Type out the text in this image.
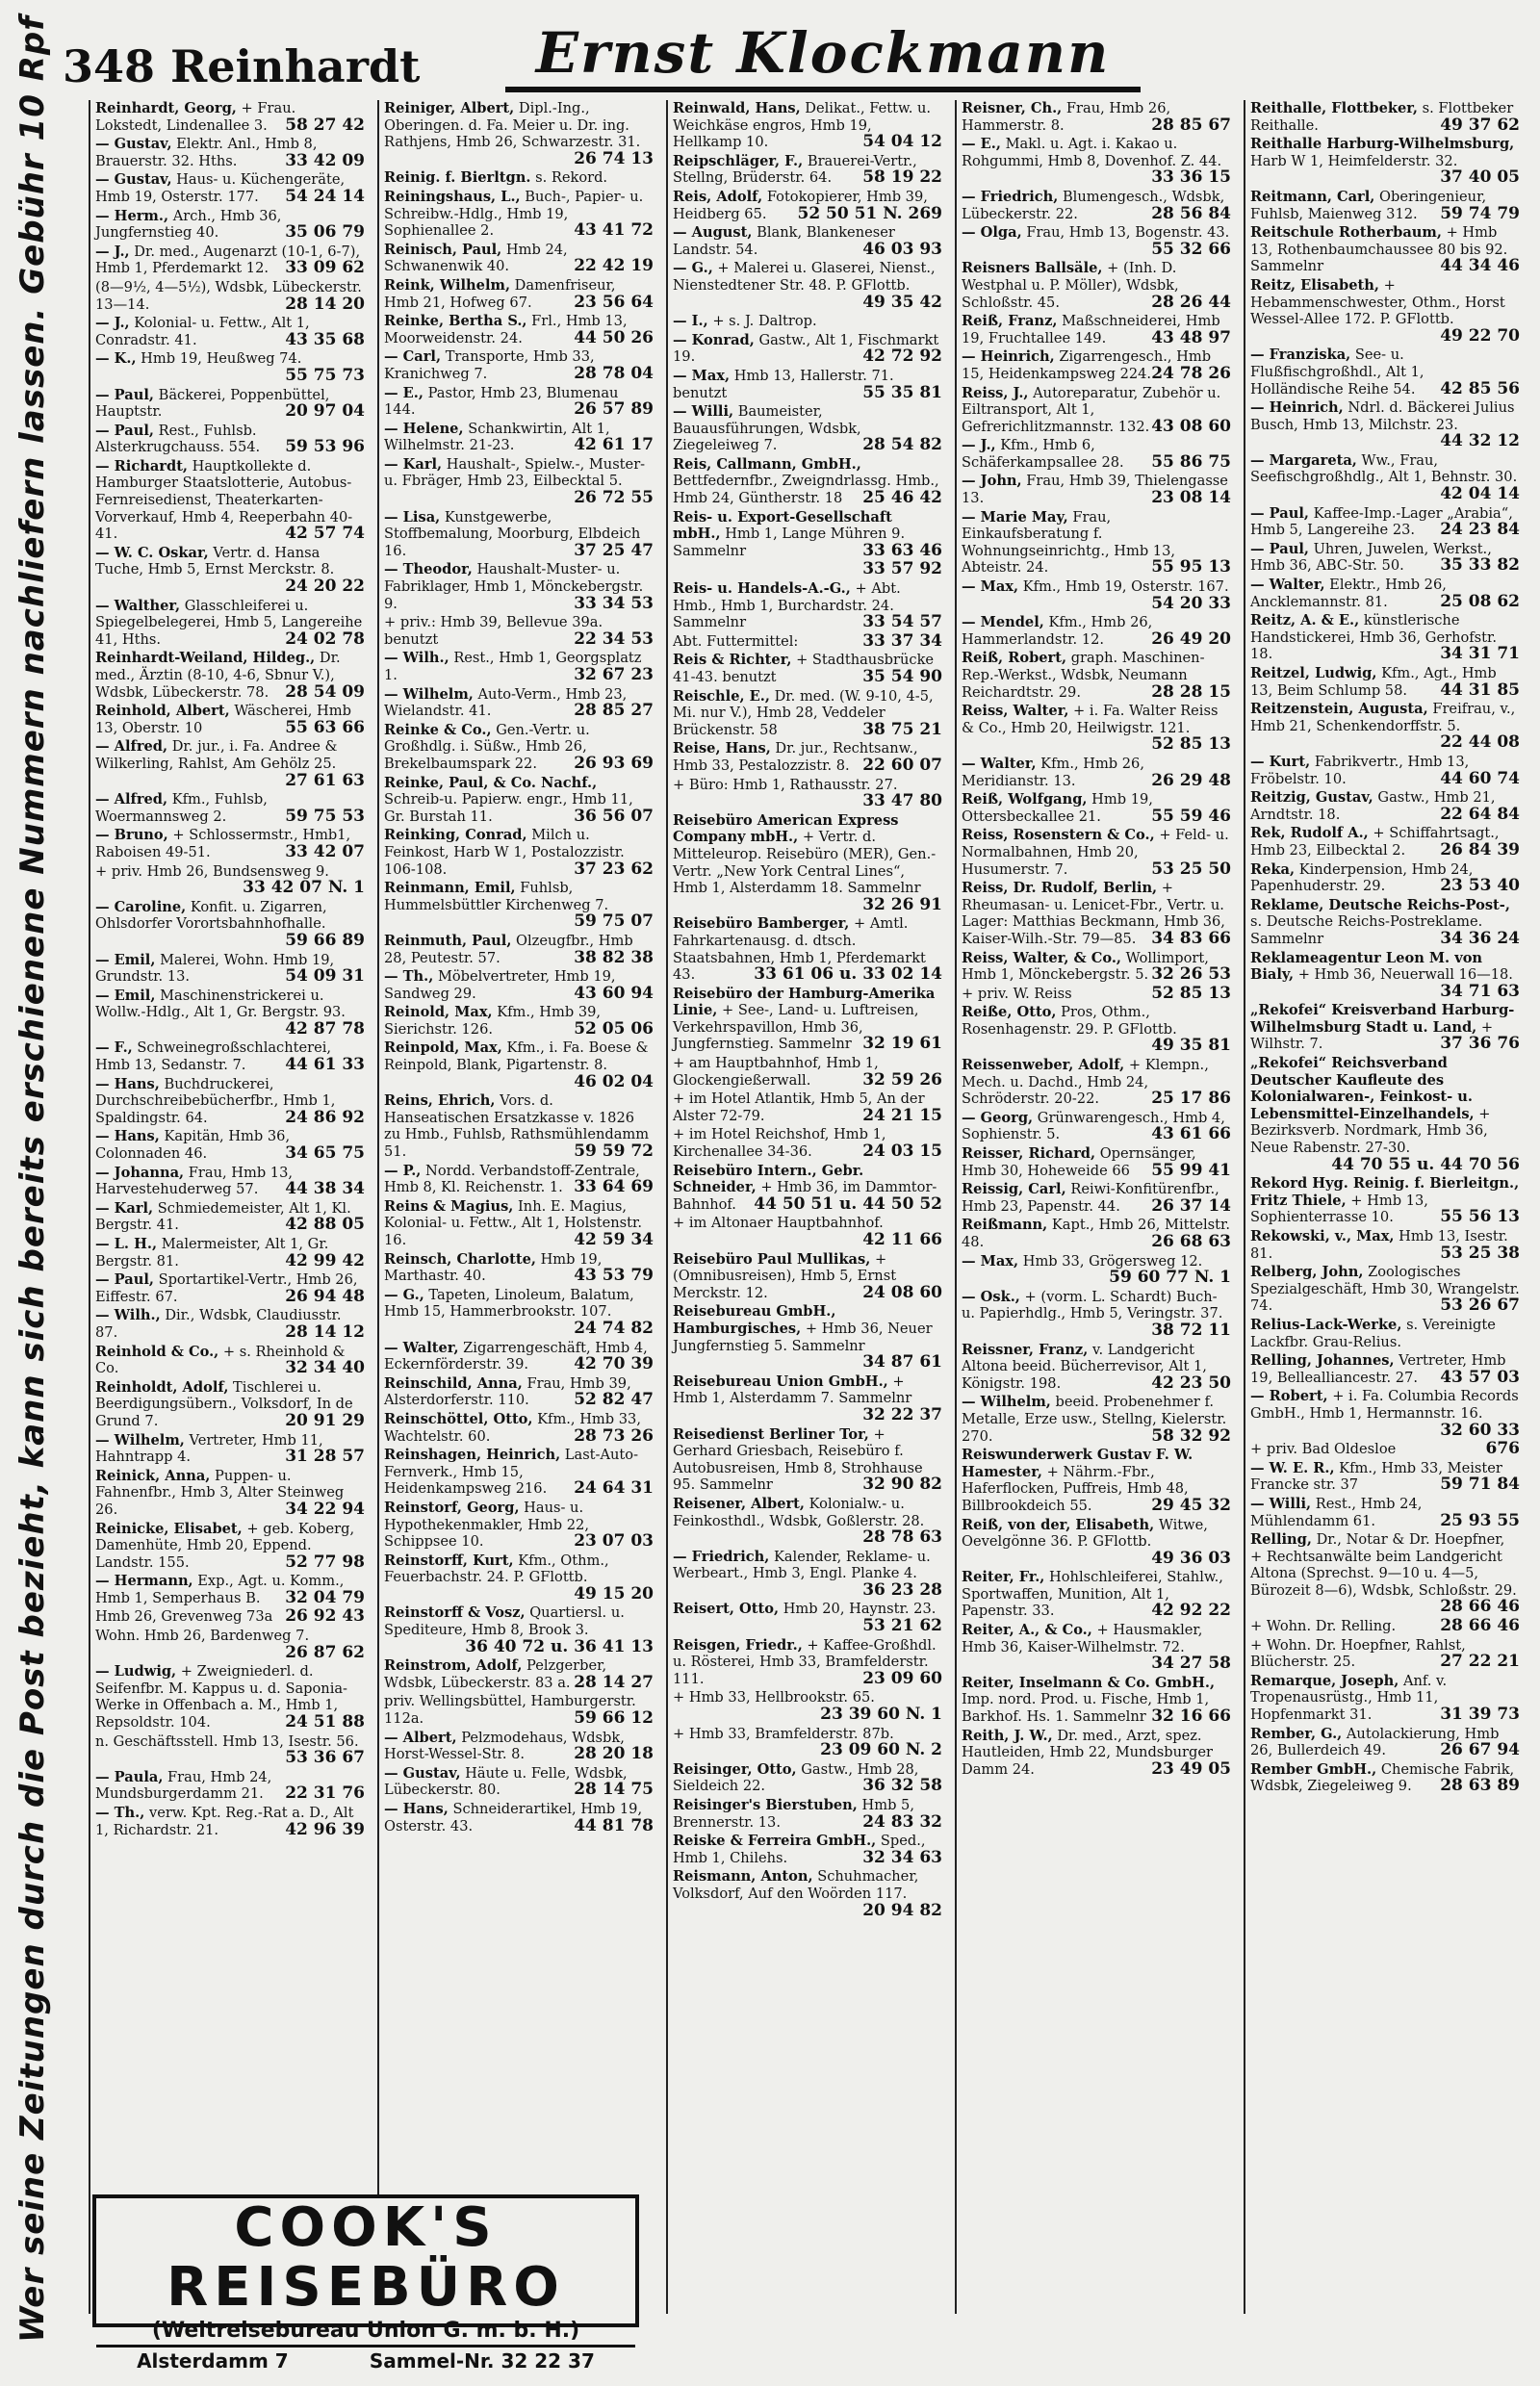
348 Reinhardt	Ernst Klockmann
Wer seine Zeitungen durch die Post bezieht, kann sich bereits erschienene Nummern nachliefern lassen. Gebühr 10 Rpf	Reinhardt, Georg, + Frau. Lokstedt, Lindenallee 3. 58 27 42
— Gustav, Elektr. Anl., Hmb 8, Brauerstr. 32. Hths.	33 42 09
— Gustav, Haus- u. Küchengeräte, Hmb 19, Osterstr. 177. 54 24 14
— Herm., Arch., Hmb 36, Jungfernstieg 40.	35 06 79
— J., Dr. med., Augenarzt (10-1, 6-7), Hmb 1, Pferdemarkt 12. 33 09 62
(8—9½, 4—5½), Wdsbk, Lübeckerstr. 13—14.	28 14 20
— J., Kolonial- u. Fettw., Alt 1, Conradstr. 41.	43 35 68
— K., Hmb 19, Heußweg 74.
55 75 73
— Paul, Bäckerei, Poppenbüttel, Hauptstr.	20 97 04
— Paul, Rest., Fuhlsb. Alsterkrugchauss. 554. 59 53 96
— Richardt, Hauptkollekte d. Hamburger Staatslotterie, Autobus-Fernreisedienst, Theaterkarten-Vorverkauf, Hmb 4, Reeperbahn 40-41.	42 57 74
— W. C. Oskar, Vertr. d. Hansa Tuche, Hmb 5, Ernst Merckstr. 8.
24 20 22
— Walther, Glasschleiferei u. Spiegelbelegerei, Hmb 5, Langereihe 41, Hths.	24 02 78
Reinhardt-Weiland, Hildeg., Dr. med., Ärztin (8-10, 4-6, Sbnur V.), Wdsbk, Lübeckerstr. 78. 28 54 09
Reinhold, Albert, Wäscherei, Hmb 13, Oberstr. 10	55 63 66
— Alfred, Dr. jur., i. Fa. Andree & Wilkerling, Rahlst, Am Gehölz 25.
27 61 63
— Alfred, Kfm., Fuhlsb, Woermannsweg 2.	59 75 53
— Bruno, + Schlossermstr., Hmb1, Raboisen 49-51.	33 42 07
+ priv. Hmb 26, Bundsensweg 9.
33 42 07 N. 1
— Caroline, Konfit. u. Zigarren, Ohlsdorfer Vorortsbahnhofhalle.
59 66 89
— Emil, Malerei, Wohn. Hmb 19, Grundstr. 13.	54 09 31
— Emil, Maschinenstrickerei u. Wollw.-Hdlg., Alt 1, Gr. Bergstr. 93.
42 87 78
— F., Schweinegroßschlachterei, Hmb 13, Sedanstr. 7. 44 61 33
— Hans, Buchdruckerei, Durchschreibebücherfbr., Hmb 1, Spaldingstr. 64.	24 86 92
— Hans, Kapitän, Hmb 36, Colonnaden 46.	34 65 75
— Johanna, Frau, Hmb 13, Harvestehuderweg 57. 44 38 34
— Karl, Schmiedemeister, Alt 1, Kl. Bergstr. 41.	42 88 05
— L. H., Malermeister, Alt 1, Gr. Bergstr. 81.	42 99 42
— Paul, Sportartikel-Vertr., Hmb 26, Eiffestr. 67.	26 94 48
— Wilh., Dir., Wdsbk, Claudiusstr. 87.	28 14 12
Reinhold & Co., + s. Rheinhold & Co.	32 34 40
Reinholdt, Adolf, Tischlerei u. Beerdigungsübern., Volksdorf, In de Grund 7.	20 91 29
— Wilhelm, Vertreter, Hmb 11, Hahntrapp 4.	31 28 57
Reinick, Anna, Puppen- u. Fahnenfbr., Hmb 3, Alter Steinweg 26.	34 22 94
Reinicke, Elisabet, + geb. Koberg, Damenhüte, Hmb 20, Eppend. Landstr. 155.	52 77 98
— Hermann, Exp., Agt. u. Komm., Hmb 1, Semperhaus B. 32 04 79
Hmb 26, Grevenweg 73a 26 92 43
Wohn. Hmb 26, Bardenweg 7.
26 87 62
— Ludwig, + Zweigniederl. d. Seifenfbr. M. Kappus u. d. Saponia-Werke in Offenbach a. M., Hmb 1, Repsoldstr. 104.	24 51 88
n. Geschäftsstell. Hmb 13, Isestr. 56.
53 36 67
— Paula, Frau, Hmb 24, Mundsburgerdamm 21. 22 31 76
— Th., verw. Kpt. Reg.-Rat a. D., Alt 1, Richardstr. 21.	42 96 39
Reiniger, Albert, Dipl.-Ing., Oberingen. d. Fa. Meier u. Dr. ing. Rathjens, Hmb 26, Schwarzestr. 31.
26 74 13
Reinig. f. Bierltgn. s. Rekord.
Reiningshaus, L., Buch-, Papier- u. Schreibw.-Hdlg., Hmb 19, Sophienallee 2.	43 41 72
Reinisch, Paul, Hmb 24, Schwanenwik 40.	22 42 19
Reink, Wilhelm, Damenfriseur, Hmb 21, Hofweg 67.	23 56 64
Reinke, Bertha S., Frl., Hmb 13, Moorweidenstr. 24.	44 50 26
— Carl, Transporte, Hmb 33, Kranichweg 7.	28 78 04
— E., Pastor, Hmb 23, Blumenau 144.	26 57 89
— Helene, Schankwirtin, Alt 1, Wilhelmstr. 21-23.	42 61 17
— Karl, Haushalt-, Spielw.-, Muster- u. Fbräger, Hmb 23, Eilbecktal 5.
26 72 55
— Lisa, Kunstgewerbe, Stoffbemalung, Moorburg, Elbdeich 16.	37 25 47
— Theodor, Haushalt-Muster- u. Fabriklager, Hmb 1, Mönckebergstr. 9.	33 34 53
+ priv.: Hmb 39, Bellevue 39a. benutzt	22 34 53
— Wilh., Rest., Hmb 1, Georgsplatz 1.	32 67 23
— Wilhelm, Auto-Verm., Hmb 23, Wielandstr. 41.	28 85 27
Reinke & Co., Gen.-Vertr. u. Großhdlg. i. Süßw., Hmb 26, Brekelbaumspark 22. 26 93 69
Reinke, Paul, & Co. Nachf., Schreib-u. Papierw. engr., Hmb 11, Gr. Burstah 11.	36 56 07
Reinking, Conrad, Milch u. Feinkost, Harb W 1, Postalozzistr. 106-108.	37 23 62
Reinmann, Emil, Fuhlsb, Hummelsbüttler Kirchenweg 7.
59 75 07
Reinmuth, Paul, Olzeugfbr., Hmb 28, Peutestr. 57.	38 82 38
— Th., Möbelvertreter, Hmb 19, Sandweg 29.	43 60 94
Reinold, Max, Kfm., Hmb 39, Sierichstr. 126.	52 05 06
Reinpold, Max, Kfm., i. Fa. Boese & Reinpold, Blank, Pigartenstr. 8.
46 02 04
Reins, Ehrich, Vors. d. Hanseatischen Ersatzkasse v. 1826 zu Hmb., Fuhlsb, Rathsmühlendamm 51.	59 59 72
— P., Nordd. Verbandstoff-Zentrale, Hmb 8, Kl. Reichenstr. 1. 33 64 69
Reins & Magius, Inh. E. Magius, Kolonial- u. Fettw., Alt 1, Holstenstr. 16.	42 59 34
Reinsch, Charlotte, Hmb 19, Marthastr. 40.	43 53 79
— G., Tapeten, Linoleum, Balatum, Hmb 15, Hammerbrookstr. 107.
24 74 82
— Walter, Zigarrengeschäft, Hmb 4, Eckernförderstr. 39.	42 70 39
Reinschild, Anna, Frau, Hmb 39, Alsterdorferstr. 110.	52 82 47
Reinschöttel, Otto, Kfm., Hmb 33, Wachtelstr. 60.	28 73 26
Reinshagen, Heinrich, Last-Auto-Fernverk., Hmb 15, Heidenkampsweg 216. 24 64 31
Reinstorf, Georg, Haus- u. Hypothekenmakler, Hmb 22, Schippsee 10.	23 07 03
Reinstorff, Kurt, Kfm., Othm., Feuerbachstr. 24. P. GFlottb.
49 15 20
Reinstorff & Vosz, Quartiersl. u. Spediteure, Hmb 8, Brook 3.
36 40 72 u. 36 41 13
Reinstrom, Adolf, Pelzgerber, Wdsbk, Lübeckerstr. 83 a. 28 14 27
priv. Wellingsbüttel, Hamburgerstr. 112a.	59 66 12
— Albert, Pelzmodehaus, Wdsbk, Horst-Wessel-Str. 8.	28 20 18
— Gustav, Häute u. Felle, Wdsbk, Lübeckerstr. 80.	28 14 75
— Hans, Schneiderartikel, Hmb 19, Osterstr. 43.	44 81 78
Reinwald, Hans, Delikat., Fettw. u. Weichkäse engros, Hmb 19, Hellkamp 10.	54 04 12
Reipschläger, F., Brauerei-Vertr., Stellng, Brüderstr. 64. 58 19 22
Reis, Adolf, Fotokopierer, Hmb 39, Heidberg 65. 52 50 51 N. 269
— August, Blank, Blankeneser Landstr. 54.	46 03 93
— G., + Malerei u. Glaserei, Nienst., Nienstedtener Str. 48. P. GFlottb.
49 35 42
— I., + s. J. Daltrop.
— Konrad, Gastw., Alt 1, Fischmarkt 19.	42 72 92
— Max, Hmb 13, Hallerstr. 71. benutzt	55 35 81
— Willi, Baumeister, Bauausführungen, Wdsbk, Ziegeleiweg 7.	28 54 82
Reis, Callmann, GmbH., Bettfedernfbr., Zweigndrlassg. Hmb., Hmb 24, Güntherstr. 18 25 46 42
Reis- u. Export-Gesellschaft mbH., Hmb 1, Lange Mühren 9. Sammelnr	33 63 46
33 57 92
Reis- u. Handels-A.-G., + Abt. Hmb., Hmb 1, Burchardstr. 24. Sammelnr	33 54 57
Abt. Futtermittel:	33 37 34
Reis & Richter, + Stadthausbrücke 41-43. benutzt	35 54 90
Reischle, E., Dr. med. (W. 9-10, 4-5, Mi. nur V.), Hmb 28, Veddeler Brückenstr. 58	38 75 21
Reise, Hans, Dr. jur., Rechtsanw., Hmb 33, Pestalozzistr. 8. 22 60 07
+ Büro: Hmb 1, Rathausstr. 27.
33 47 80
Reisebüro American Express Company mbH., + Vertr. d. Mitteleurop. Reisebüro (MER), Gen.-Vertr. „New York Central Lines“, Hmb 1, Alsterdamm 18. Sammelnr
32 26 91
Reisebüro Bamberger, + Amtl. Fahrkartenausg. d. dtsch. Staatsbahnen, Hmb 1, Pferdemarkt 43.	33 61 06 u. 33 02 14
Reisebüro der Hamburg-Amerika Linie, + See-, Land- u. Luftreisen, Verkehrspavillon, Hmb 36, Jungfernstieg. Sammelnr 32 19 61
+ am Hauptbahnhof, Hmb 1, Glockengießerwall.	32 59 26
+ im Hotel Atlantik, Hmb 5, An der Alster 72-79.	24 21 15
+ im Hotel Reichshof, Hmb 1, Kirchenallee 34-36.	24 03 15
Reisebüro Intern., Gebr. Schneider, + Hmb 36, im Dammtor-Bahnhof. 44 50 51 u. 44 50 52
+ im Altonaer Hauptbahnhof.
42 11 66
Reisebüro Paul Mullikas, + (Omnibusreisen), Hmb 5, Ernst Merckstr. 12.	24 08 60
Reisebureau GmbH., Hamburgisches, + Hmb 36, Neuer Jungfernstieg 5. Sammelnr
34 87 61
Reisebureau Union GmbH., + Hmb 1, Alsterdamm 7. Sammelnr
32 22 37
Reisedienst Berliner Tor, + Gerhard Griesbach, Reisebüro f. Autobusreisen, Hmb 8, Strohhause 95. Sammelnr	32 90 82
Reisener, Albert, Kolonialw.- u. Feinkosthdl., Wdsbk, Goßlerstr. 28.
28 78 63
— Friedrich, Kalender, Reklame- u. Werbeart., Hmb 3, Engl. Planke 4.
36 23 28
Reisert, Otto, Hmb 20, Haynstr. 23.
53 21 62
Reisgen, Friedr., + Kaffee-Großhdl. u. Rösterei, Hmb 33, Bramfelderstr. 111.	23 09 60
+ Hmb 33, Hellbrookstr. 65.
23 39 60 N. 1
+ Hmb 33, Bramfelderstr. 87b.
23 09 60 N. 2
Reisinger, Otto, Gastw., Hmb 28, Sieldeich 22.	36 32 58
Reisinger's Bierstuben, Hmb 5, Brennerstr. 13.	24 83 32
Reiske & Ferreira GmbH., Sped., Hmb 1, Chilehs.	32 34 63
Reismann, Anton, Schuhmacher, Volksdorf, Auf den Woörden 117.
20 94 82
Reisner, Ch., Frau, Hmb 26, Hammerstr. 8.	28 85 67
— E., Makl. u. Agt. i. Kakao u. Rohgummi, Hmb 8, Dovenhof. Z. 44.
33 36 15
— Friedrich, Blumengesch., Wdsbk, Lübeckerstr. 22.	28 56 84
— Olga, Frau, Hmb 13, Bogenstr. 43.
55 32 66
Reisners Ballsäle, + (Inh. D. Westphal u. P. Möller), Wdsbk, Schloßstr. 45.	28 26 44
Reiß, Franz, Maßschneiderei, Hmb 19, Fruchtallee 149.	43 48 97
— Heinrich, Zigarrengesch., Hmb 15, Heidenkampsweg 224. 24 78 26
Reiss, J., Autoreparatur, Zubehör u. Eiltransport, Alt 1, Gefrerichlitzmannstr. 132. 43 08 60
— J., Kfm., Hmb 6, Schäferkampsallee 28. 55 86 75
— John, Frau, Hmb 39, Thielengasse 13.	23 08 14
— Marie May, Frau, Einkaufsberatung f. Wohnungseinrichtg., Hmb 13, Abteistr. 24.	55 95 13
— Max, Kfm., Hmb 19, Osterstr. 167.
54 20 33
— Mendel, Kfm., Hmb 26, Hammerlandstr. 12.	26 49 20
Reiß, Robert, graph. Maschinen-Rep.-Werkst., Wdsbk, Neumann Reichardtstr. 29.	28 28 15
Reiss, Walter, + i. Fa. Walter Reiss & Co., Hmb 20, Heilwigstr. 121.
52 85 13
— Walter, Kfm., Hmb 26, Meridianstr. 13.	26 29 48
Reiß, Wolfgang, Hmb 19, Ottersbeckallee 21.	55 59 46
Reiss, Rosenstern & Co., + Feld- u. Normalbahnen, Hmb 20, Husumerstr. 7.	53 25 50
Reiss, Dr. Rudolf, Berlin, + Rheumasan- u. Lenicet-Fbr., Vertr. u. Lager: Matthias Beckmann, Hmb 36, Kaiser-Wilh.-Str. 79—85. 34 83 66
Reiss, Walter, & Co., Wollimport, Hmb 1, Mönckebergstr. 5. 32 26 53
+ priv. W. Reiss	52 85 13
Reiße, Otto, Pros, Othm., Rosenhagenstr. 29. P. GFlottb.
49 35 81
Reissenweber, Adolf, + Klempn., Mech. u. Dachd., Hmb 24, Schröderstr. 20-22.	25 17 86
— Georg, Grünwarengesch., Hmb 4, Sophienstr. 5.	43 61 66
Reisser, Richard, Opernsänger, Hmb 30, Hoheweide 66 55 99 41
Reissig, Carl, Reiwi-Konfitürenfbr., Hmb 23, Papenstr. 44. 26 37 14
Reißmann, Kapt., Hmb 26, Mittelstr. 48.	26 68 63
— Max, Hmb 33, Grögersweg 12.
59 60 77 N. 1
— Osk., + (vorm. L. Schardt) Buch- u. Papierhdlg., Hmb 5, Veringstr. 37.
38 72 11
Reissner, Franz, v. Landgericht Altona beeid. Bücherrevisor, Alt 1, Königstr. 198.	42 23 50
— Wilhelm, beeid. Probenehmer f. Metalle, Erze usw., Stellng, Kielerstr. 270.	58 32 92
Reiswunderwerk Gustav F. W. Hamester, + Nährm.-Fbr., Haferflocken, Puffreis, Hmb 48, Billbrookdeich 55.	29 45 32
Reiß, von der, Elisabeth, Witwe, Oevelgönne 36. P. GFlottb.
49 36 03
Reiter, Fr., Hohlschleiferei, Stahlw., Sportwaffen, Munition, Alt 1, Papenstr. 33.	42 92 22
Reiter, A., & Co., + Hausmakler, Hmb 36, Kaiser-Wilhelmstr. 72.
34 27 58
Reiter, Inselmann & Co. GmbH., Imp. nord. Prod. u. Fische, Hmb 1, Barkhof. Hs. 1. Sammelnr 32 16 66
Reith, J. W., Dr. med., Arzt, spez. Hautleiden, Hmb 22, Mundsburger Damm 24.	23 49 05
Reithalle, Flottbeker, s. Flottbeker Reithalle.	49 37 62
Reithalle Harburg-Wilhelmsburg, Harb W 1, Heimfelderstr. 32.
37 40 05
Reitmann, Carl, Oberingenieur, Fuhlsb, Maienweg 312. 59 74 79
Reitschule Rotherbaum, + Hmb 13, Rothenbaumchaussee 80 bis 92. Sammelnr	44 34 46
Reitz, Elisabeth, + Hebammenschwester, Othm., Horst Wessel-Allee 172. P. GFlottb.
49 22 70
— Franziska, See- u. Flußfischgroßhdl., Alt 1, Holländische Reihe 54. 42 85 56
— Heinrich, Ndrl. d. Bäckerei Julius Busch, Hmb 13, Milchstr. 23.
44 32 12
— Margareta, Ww., Frau, Seefischgroßhdlg., Alt 1, Behnstr. 30.
42 04 14
— Paul, Kaffee-Imp.-Lager „Arabia“, Hmb 5, Langereihe 23. 24 23 84
— Paul, Uhren, Juwelen, Werkst., Hmb 36, ABC-Str. 50. 35 33 82
— Walter, Elektr., Hmb 26, Ancklemannstr. 81.	25 08 62
Reitz, A. & E., künstlerische Handstickerei, Hmb 36, Gerhofstr. 18.	34 31 71
Reitzel, Ludwig, Kfm., Agt., Hmb 13, Beim Schlump 58. 44 31 85
Reitzenstein, Augusta, Freifrau, v., Hmb 21, Schenkendorffstr. 5.
22 44 08
— Kurt, Fabrikvertr., Hmb 13, Fröbelstr. 10.	44 60 74
Reitzig, Gustav, Gastw., Hmb 21, Arndtstr. 18.	22 64 84
Rek, Rudolf A., + Schiffahrtsagt., Hmb 23, Eilbecktal 2. 26 84 39
Reka, Kinderpension, Hmb 24, Papenhuderstr. 29.	23 53 40
Reklame, Deutsche Reichs-Post-, s. Deutsche Reichs-Postreklame. Sammelnr	34 36 24
Reklameagentur Leon M. von Bialy, + Hmb 36, Neuerwall 16—18.
34 71 63
„Rekofei“ Kreisverband Harburg-Wilhelmsburg Stadt u. Land, + Wilhstr. 7.	37 36 76
„Rekofei“ Reichsverband Deutscher Kaufleute des Kolonialwaren-, Feinkost- u. Lebensmittel-Einzelhandels, + Bezirksverb. Nordmark, Hmb 36, Neue Rabenstr. 27-30.
44 70 55 u. 44 70 56
Rekord Hyg. Reinig. f. Bierleitgn., Fritz Thiele, + Hmb 13, Sophienterrasse 10.	55 56 13
Rekowski, v., Max, Hmb 13, Isestr. 81.	53 25 38
Relberg, John, Zoologisches Spezialgeschäft, Hmb 30, Wrangelstr. 74.	53 26 67
Relius-Lack-Werke, s. Vereinigte Lackfbr. Grau-Relius.
Relling, Johannes, Vertreter, Hmb 19, Bellealliancestr. 27. 43 57 03
— Robert, + i. Fa. Columbia Records GmbH., Hmb 1, Hermannstr. 16.
32 60 33
+ priv. Bad Oldesloe	676
— W. E. R., Kfm., Hmb 33, Meister Francke str. 37	59 71 84
— Willi, Rest., Hmb 24, Mühlendamm 61.	25 93 55
Relling, Dr., Notar & Dr. Hoepfner, + Rechtsanwälte beim Landgericht Altona (Sprechst. 9—10 u. 4—5, Bürozeit 8—6), Wdsbk, Schloßstr. 29.
28 66 46
+ Wohn. Dr. Relling.	28 66 46
+ Wohn. Dr. Hoepfner, Rahlst, Blücherstr. 25.	27 22 21
Remarque, Joseph, Anf. v. Tropenausrüstg., Hmb 11, Hopfenmarkt 31.	31 39 73
Rember, G., Autolackierung, Hmb 26, Bullerdeich 49.	26 67 94
Rember GmbH., Chemische Fabrik, Wdsbk, Ziegeleiweg 9. 28 63 89
COOK'S REISEBÜRO
(Weltreisebureau Union G. m. b. H.)
Alsterdamm 7	Sammel-Nr. 32 22 37
